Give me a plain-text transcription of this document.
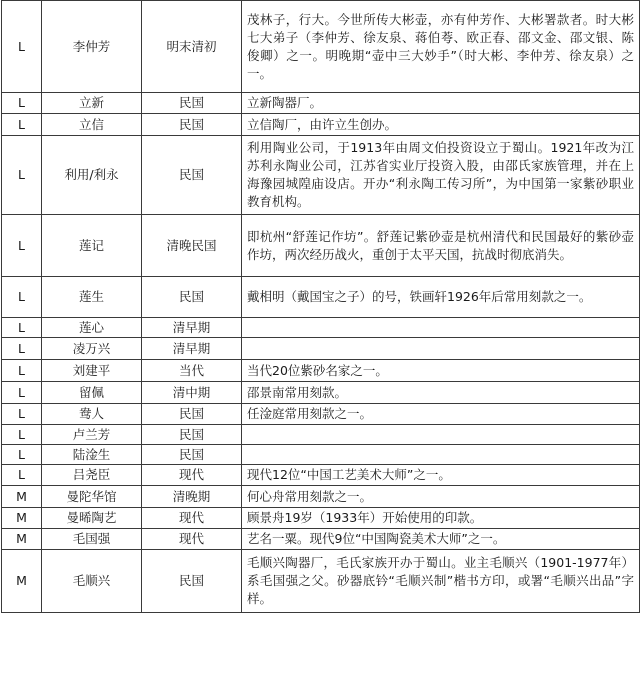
L	李仲芳	明末清初	茂林子，行大。今世所传大彬壶，亦有仲芳作、大彬署款者。时大彬七大弟子（李仲芳、徐友泉、蒋伯荂、欧正春、邵文金、邵文银、陈俊卿）之一。明晚期“壶中三大妙手”（时大彬、李仲芳、徐友泉）之一。
L	立新	民国	立新陶器厂。
L	立信	民国	立信陶厂，由许立生创办。
L	利用/利永	民国	利用陶业公司，于1913年由周文伯投资设立于蜀山。1921年改为江苏利永陶业公司，江苏省实业厅投资入股，由邵氏家族管理，并在上海豫园城隍庙设店。开办“利永陶工传习所”，为中国第一家紫砂职业教育机构。
L	莲记	清晚民国	即杭州“舒莲记作坊”。舒莲记紫砂壶是杭州清代和民国最好的紫砂壶作坊，两次经历战火，重创于太平天国，抗战时彻底消失。
L	莲生	民国	戴相明（戴国宝之子）的号，铁画轩1926年后常用刻款之一。
L	莲心	清早期	
L	凌万兴	清早期	
L	刘建平	当代	当代20位紫砂名家之一。
L	留佩	清中期	邵景南常用刻款。
L	鸯人	民国	任淦庭常用刻款之一。
L	卢兰芳	民国	
L	陆淦生	民国	
L	吕尧臣	现代	现代12位“中国工艺美术大师”之一。
M	曼陀华馆	清晚期	何心舟常用刻款之一。
M	曼晞陶艺	现代	顾景舟19岁（1933年）开始使用的印款。
M	毛国强	现代	艺名一粟。现代9位“中国陶瓷美术大师”之一。
M	毛顺兴	民国	毛顺兴陶器厂，毛氏家族开办于蜀山。业主毛顺兴（1901-1977年）系毛国强之父。砂器底钤“毛顺兴制”楷书方印，或署“毛顺兴出品”字样。
